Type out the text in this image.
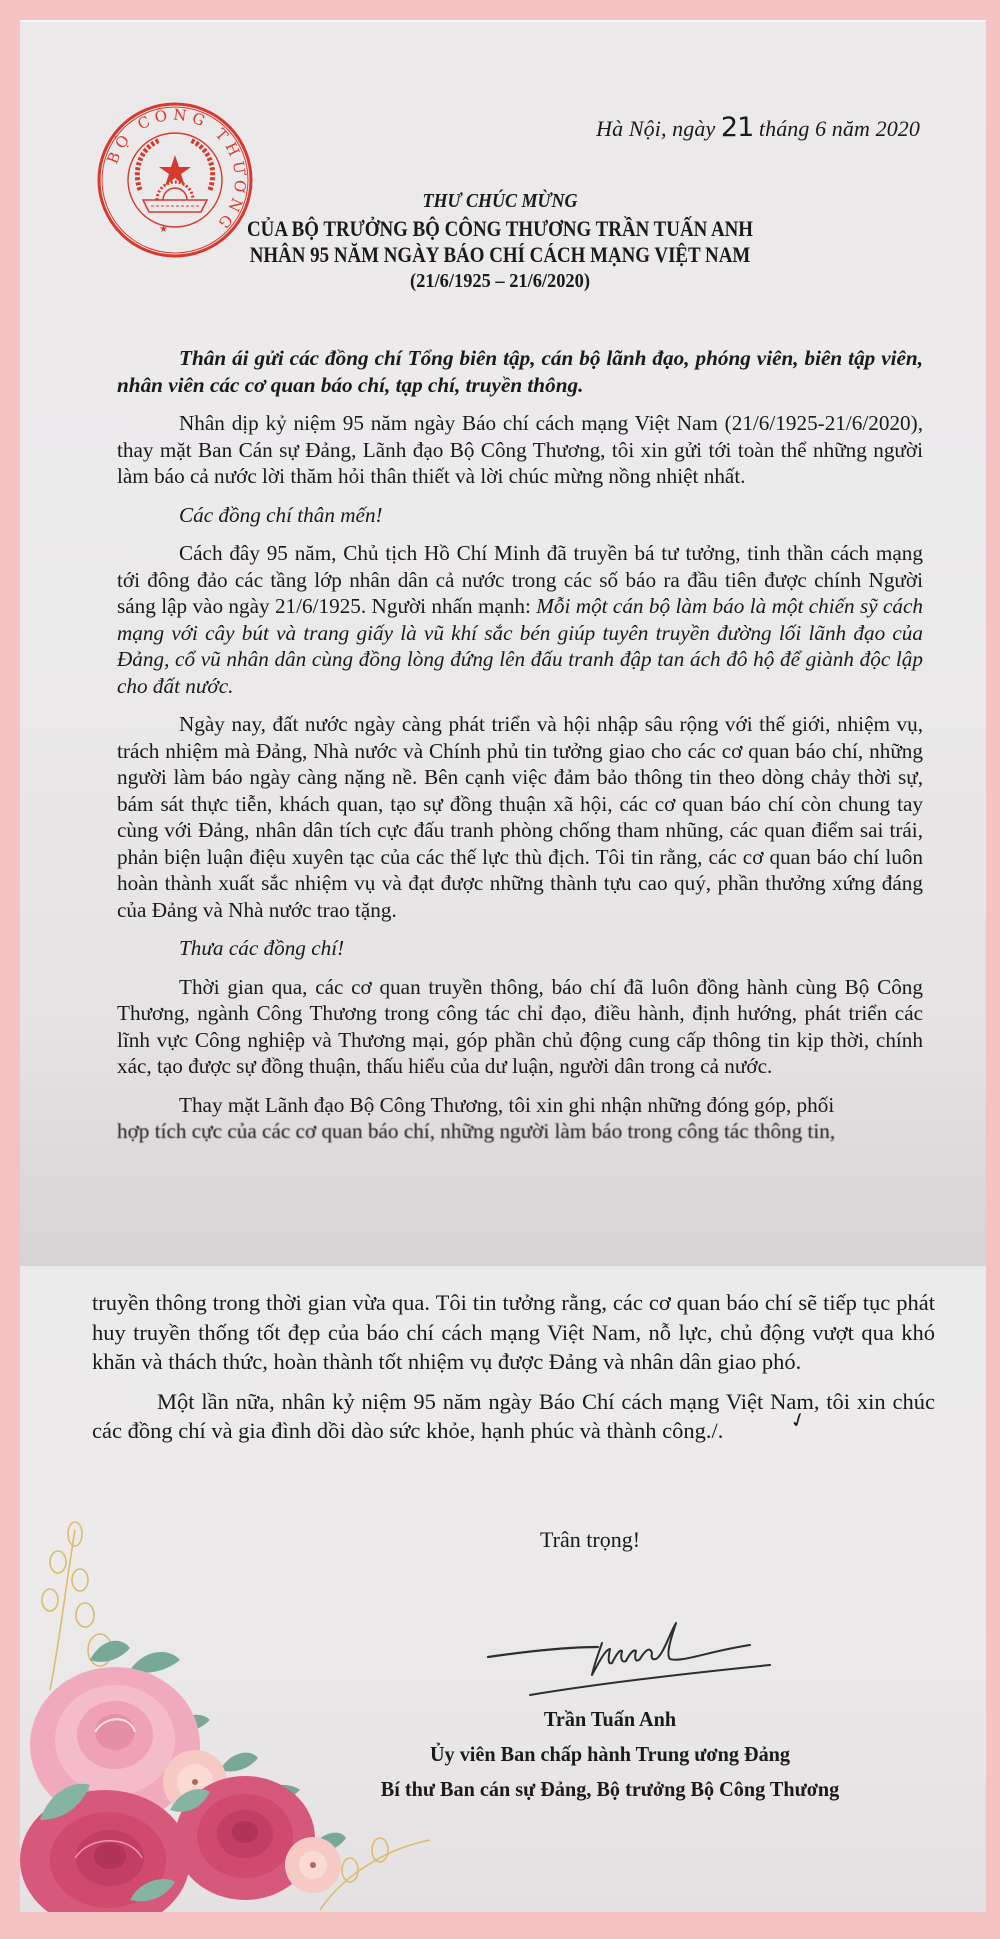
BỘ CÔNG THƯƠNG
★
Hà Nội, ngày 21 tháng 6 năm 2020
THƯ CHÚC MỪNG
CỦA BỘ TRƯỞNG BỘ CÔNG THƯƠNG TRẦN TUẤN ANH
NHÂN 95 NĂM NGÀY BÁO CHÍ CÁCH MẠNG VIỆT NAM
(21/6/1925 – 21/6/2020)

Thân ái gửi các đồng chí Tổng biên tập, cán bộ lãnh đạo, phóng viên, biên tập viên, nhân viên các cơ quan báo chí, tạp chí, truyền thông.

Nhân dịp kỷ niệm 95 năm ngày Báo chí cách mạng Việt Nam (21/6/1925-21/6/2020), thay mặt Ban Cán sự Đảng, Lãnh đạo Bộ Công Thương, tôi xin gửi tới toàn thể những người làm báo cả nước lời thăm hỏi thân thiết và lời chúc mừng nồng nhiệt nhất.

Các đồng chí thân mến!

Cách đây 95 năm, Chủ tịch Hồ Chí Minh đã truyền bá tư tưởng, tinh thần cách mạng tới đông đảo các tầng lớp nhân dân cả nước trong các số báo ra đầu tiên được chính Người sáng lập vào ngày 21/6/1925. Người nhấn mạnh: Mỗi một cán bộ làm báo là một chiến sỹ cách mạng với cây bút và trang giấy là vũ khí sắc bén giúp tuyên truyền đường lối lãnh đạo của Đảng, cổ vũ nhân dân cùng đồng lòng đứng lên đấu tranh đập tan ách đô hộ để giành độc lập cho đất nước.

Ngày nay, đất nước ngày càng phát triển và hội nhập sâu rộng với thế giới, nhiệm vụ, trách nhiệm mà Đảng, Nhà nước và Chính phủ tin tưởng giao cho các cơ quan báo chí, những người làm báo ngày càng nặng nề. Bên cạnh việc đảm bảo thông tin theo dòng chảy thời sự, bám sát thực tiễn, khách quan, tạo sự đồng thuận xã hội, các cơ quan báo chí còn chung tay cùng với Đảng, nhân dân tích cực đấu tranh phòng chống tham nhũng, các quan điểm sai trái, phản biện luận điệu xuyên tạc của các thế lực thù địch. Tôi tin rằng, các cơ quan báo chí luôn hoàn thành xuất sắc nhiệm vụ và đạt được những thành tựu cao quý, phần thưởng xứng đáng của Đảng và Nhà nước trao tặng.

Thưa các đồng chí!

Thời gian qua, các cơ quan truyền thông, báo chí đã luôn đồng hành cùng Bộ Công Thương, ngành Công Thương trong công tác chỉ đạo, điều hành, định hướng, phát triển các lĩnh vực Công nghiệp và Thương mại, góp phần chủ động cung cấp thông tin kịp thời, chính xác, tạo được sự đồng thuận, thấu hiểu của dư luận, người dân trong cả nước.

Thay mặt Lãnh đạo Bộ Công Thương, tôi xin ghi nhận những đóng góp, phối

hợp tích cực của các cơ quan báo chí, những người làm báo trong công tác thông tin,

truyền thông trong thời gian vừa qua. Tôi tin tưởng rằng, các cơ quan báo chí sẽ tiếp tục phát huy truyền thống tốt đẹp của báo chí cách mạng Việt Nam, nỗ lực, chủ động vượt qua khó khăn và thách thức, hoàn thành tốt nhiệm vụ được Đảng và nhân dân giao phó.

Một lần nữa, nhân kỷ niệm 95 năm ngày Báo Chí cách mạng Việt Nam, tôi xin chúc các đồng chí và gia đình dồi dào sức khỏe, hạnh phúc và thành công./.	✓

Trân trọng!
Trần Tuấn Anh
Ủy viên Ban chấp hành Trung ương Đảng
Bí thư Ban cán sự Đảng, Bộ trưởng Bộ Công Thương
